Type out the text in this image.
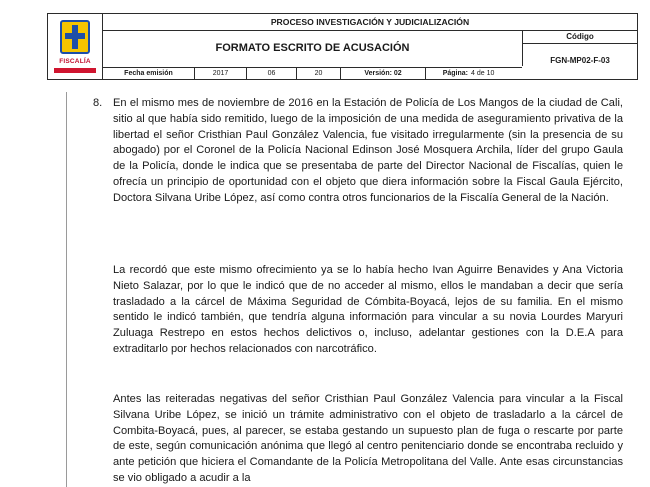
FISCALÍA
PROCESO INVESTIGACIÓN Y JUDICIALIZACIÓN
FORMATO ESCRITO DE ACUSACIÓN
Código
FGN-MP02-F-03
Fecha emisión	2017	06	20	Versión: 02	Página: 4 de 10
8. En el mismo mes de noviembre de 2016 en la Estación de Policía de Los Mangos de la ciudad de Cali, sitio al que había sido remitido, luego de la imposición de una medida de aseguramiento privativa de la libertad el señor Cristhian Paul González Valencia, fue visitado irregularmente (sin la presencia de su abogado) por el Coronel de la Policía Nacional Edinson José Mosquera Archila, líder del grupo Gaula de la Policía, donde le indica que se presentaba de parte del Director Nacional de Fiscalías, quien le ofrecía un principio de oportunidad con el objeto que diera información sobre la Fiscal Gaula Ejército, Doctora Silvana Uribe López, así como contra otros funcionarios de la Fiscalía General de la Nación.

La recordó que este mismo ofrecimiento ya se lo había hecho Ivan Aguirre Benavides y Ana Victoria Nieto Salazar, por lo que le indicó que de no acceder al mismo, ellos le mandaban a decir que sería trasladado a la cárcel de Máxima Seguridad de Cómbita-Boyacá, lejos de su familia. En el mismo sentido le indicó también, que tendría alguna información para vincular a su novia Lourdes Maryuri Zuluaga Restrepo en estos hechos delictivos o, incluso, adelantar gestiones con la D.E.A para extraditarlo por hechos relacionados con narcotráfico.

Antes las reiteradas negativas del señor Cristhian Paul González Valencia para vincular a la Fiscal Silvana Uribe López, se inició un trámite administrativo con el objeto de trasladarlo a la cárcel de Combita-Boyacá, pues, al parecer, se estaba gestando un supuesto plan de fuga o rescarte por parte de este, según comunicación anónima que llegó al centro penitenciario donde se encontraba recluido y ante petición que hiciera el Comandante de la Policía Metropolitana del Valle. Ante esas circunstancias se vio obligado a acudir a la
